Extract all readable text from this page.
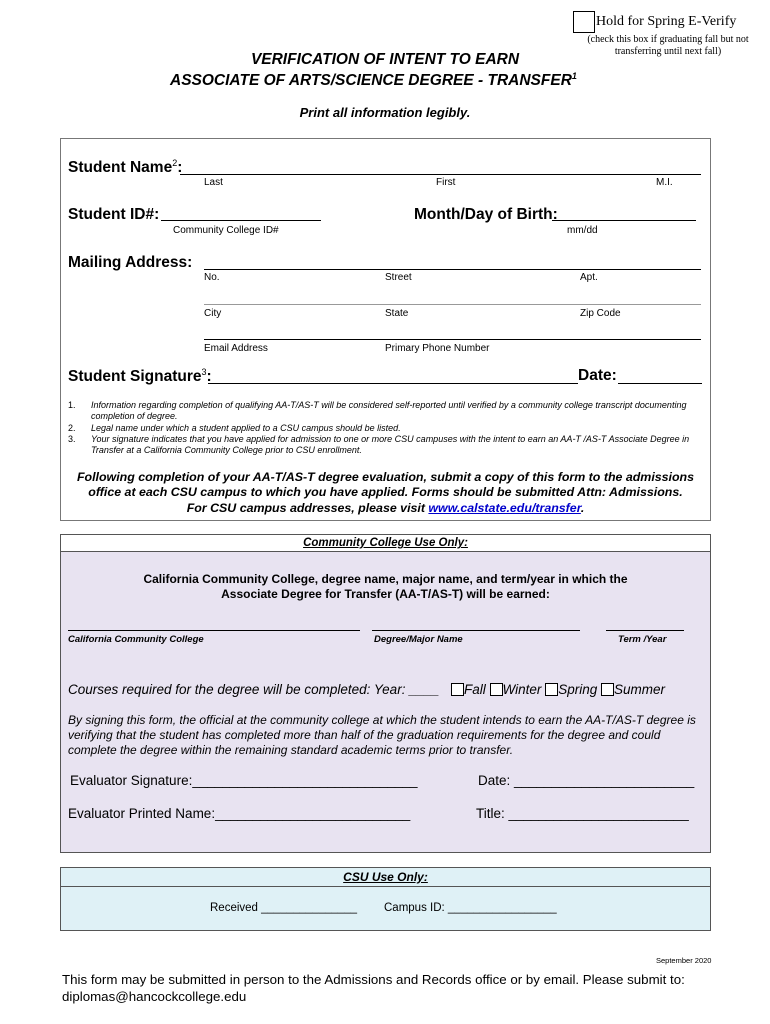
Hold for Spring E-Verify
(check this box if graduating fall but not
transferring until next fall)
VERIFICATION OF INTENT TO EARN
ASSOCIATE OF ARTS/SCIENCE DEGREE - TRANSFER$^1$
Print all information legibly.
Student Name$^2$:
Last	First	M.I.
Student ID#:
Community College ID#
Month/Day of Birth:
mm/dd
Mailing Address:
No.	Street	Apt.
City	State	Zip Code
Email Address	Primary Phone Number
Student Signature$^3$:	Date:
1.	Information regarding completion of qualifying AA-T/AS-T will be considered self-reported until verified by a community college transcript documenting completion of degree.
2.	Legal name under which a student applied to a CSU campus should be listed.
3.	Your signature indicates that you have applied for admission to one or more CSU campuses with the intent to earn an AA-T /AS-T Associate Degree in Transfer at a California Community College prior to CSU enrollment.
Following completion of your AA-T/AS-T degree evaluation, submit a copy of this form to the admissions
office at each CSU campus to which you have applied. Forms should be submitted Attn: Admissions.
For CSU campus addresses, please visit www.calstate.edu/transfer.
Community College Use Only:
California Community College, degree name, major name, and term/year in which the
Associate Degree for Transfer (AA-T/AS-T) will be earned:
California Community College	Degree/Major Name	Term /Year
Courses required for the degree will be completed: Year: ____ Fall Winter Spring Summer
By signing this form, the official at the community college at which the student intends to earn the AA-T/AS-T degree is verifying that the student has completed more than half of the graduation requirements for the degree and could complete the degree within the remaining standard academic terms prior to transfer.
Evaluator Signature:______________________________	Date: ________________________
Evaluator Printed Name:__________________________	Title: ________________________
CSU Use Only:
Received _______________ Campus ID: _________________
September 2020
This form may be submitted in person to the Admissions and Records office or by email. Please submit to:
diplomas@hancockcollege.edu
